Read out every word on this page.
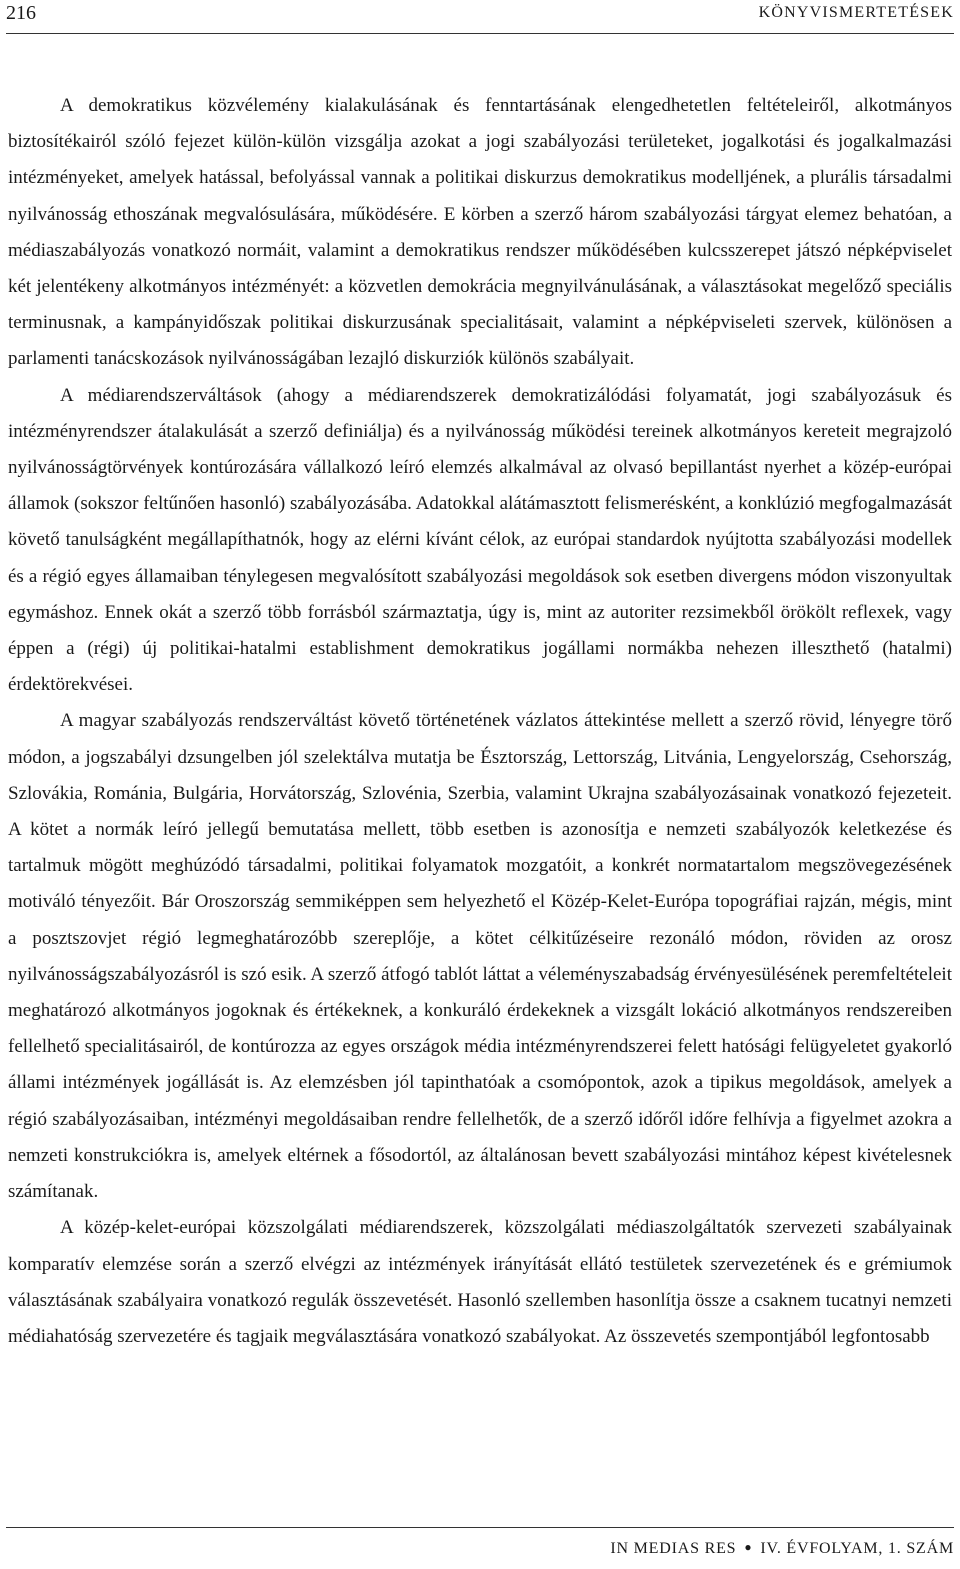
216	KÖNYVISMERTETÉSEK

A demokratikus közvélemény kialakulásának és fenntartásának elengedhetetlen feltételeiről, alkotmányos biztosítékairól szóló fejezet külön-külön vizsgálja azokat a jogi szabályozási területeket, jogalkotási és jogalkalmazási intézményeket, amelyek hatással, befolyással vannak a politikai diskurzus demokratikus modelljének, a plurális társadalmi nyilvánosság ethoszának megvalósulására, működésére. E körben a szerző három szabályozási tárgyat elemez behatóan, a médiaszabályozás vonatkozó normáit, valamint a demokratikus rendszer működésében kulcsszerepet játszó népképviselet két jelentékeny alkotmányos intézményét: a közvetlen demokrácia megnyilvánulásának, a választásokat megelőző speciális terminusnak, a kampányidőszak politikai diskurzusának specialitásait, valamint a népképviseleti szervek, különösen a parlamenti tanácskozások nyilvánosságában lezajló diskurziók különös szabályait.

A médiarendszerváltások (ahogy a médiarendszerek demokratizálódási folyamatát, jogi szabályozásuk és intézményrendszer átalakulását a szerző definiálja) és a nyilvánosság működési tereinek alkotmányos kereteit megrajzoló nyilvánosságtörvények kontúrozására vállalkozó leíró elemzés alkalmával az olvasó bepillantást nyerhet a közép-európai államok (sokszor feltűnően hasonló) szabályozásába. Adatokkal alátámasztott felismerésként, a konklúzió megfogalmazását követő tanulságként megállapíthatnók, hogy az elérni kívánt célok, az európai standardok nyújtotta szabályozási modellek és a régió egyes államaiban ténylegesen megvalósított szabályozási megoldások sok esetben divergens módon viszonyultak egymáshoz. Ennek okát a szerző több forrásból származtatja, úgy is, mint az autoriter rezsimekből örökölt reflexek, vagy éppen a (régi) új politikai-hatalmi establishment demokratikus jogállami normákba nehezen illeszthető (hatalmi) érdektörekvései.

A magyar szabályozás rendszerváltást követő történetének vázlatos áttekintése mellett a szerző rövid, lényegre törő módon, a jogszabályi dzsungelben jól szelektálva mutatja be Észtország, Lettország, Litvánia, Lengyelország, Csehország, Szlovákia, Románia, Bulgária, Horvátország, Szlovénia, Szerbia, valamint Ukrajna szabályozásainak vonatkozó fejezeteit. A kötet a normák leíró jellegű bemutatása mellett, több esetben is azonosítja e nemzeti szabályozók keletkezése és tartalmuk mögött meghúzódó társadalmi, politikai folyamatok mozgatóit, a konkrét normatartalom megszövegezésének motiváló tényezőit. Bár Oroszország semmiképpen sem helyezhető el Közép-Kelet-Európa topográfiai rajzán, mégis, mint a posztszovjet régió legmeghatározóbb szereplője, a kötet célkitűzéseire rezonáló módon, röviden az orosz nyilvánosságszabályozásról is szó esik. A szerző átfogó tablót láttat a véleményszabadság érvényesülésének peremfeltételeit meghatározó alkotmányos jogoknak és értékeknek, a konkuráló érdekeknek a vizsgált lokáció alkotmányos rendszereiben fellelhető specialitásairól, de kontúrozza az egyes országok média intézményrendszerei felett hatósági felügyeletet gyakorló állami intézmények jogállását is. Az elemzésben jól tapinthatóak a csomópontok, azok a tipikus megoldások, amelyek a régió szabályozásaiban, intézményi megoldásaiban rendre fellelhetők, de a szerző időről időre felhívja a figyelmet azokra a nemzeti konstrukciókra is, amelyek eltérnek a fősodortól, az általánosan bevett szabályozási mintához képest kivételesnek számítanak.

A közép-kelet-európai közszolgálati médiarendszerek, közszolgálati médiaszolgáltatók szervezeti szabályainak komparatív elemzése során a szerző elvégzi az intézmények irányítását ellátó testületek szervezetének és e grémiumok választásának szabályaira vonatkozó regulák összevetését. Hasonló szellemben hasonlítja össze a csaknem tucatnyi nemzeti médiahatóság szervezetére és tagjaik megválasztására vonatkozó szabályokat. Az összevetés szempontjából legfontosabb

IN MEDIAS RES ● IV. ÉVFOLYAM, 1. SZÁM
